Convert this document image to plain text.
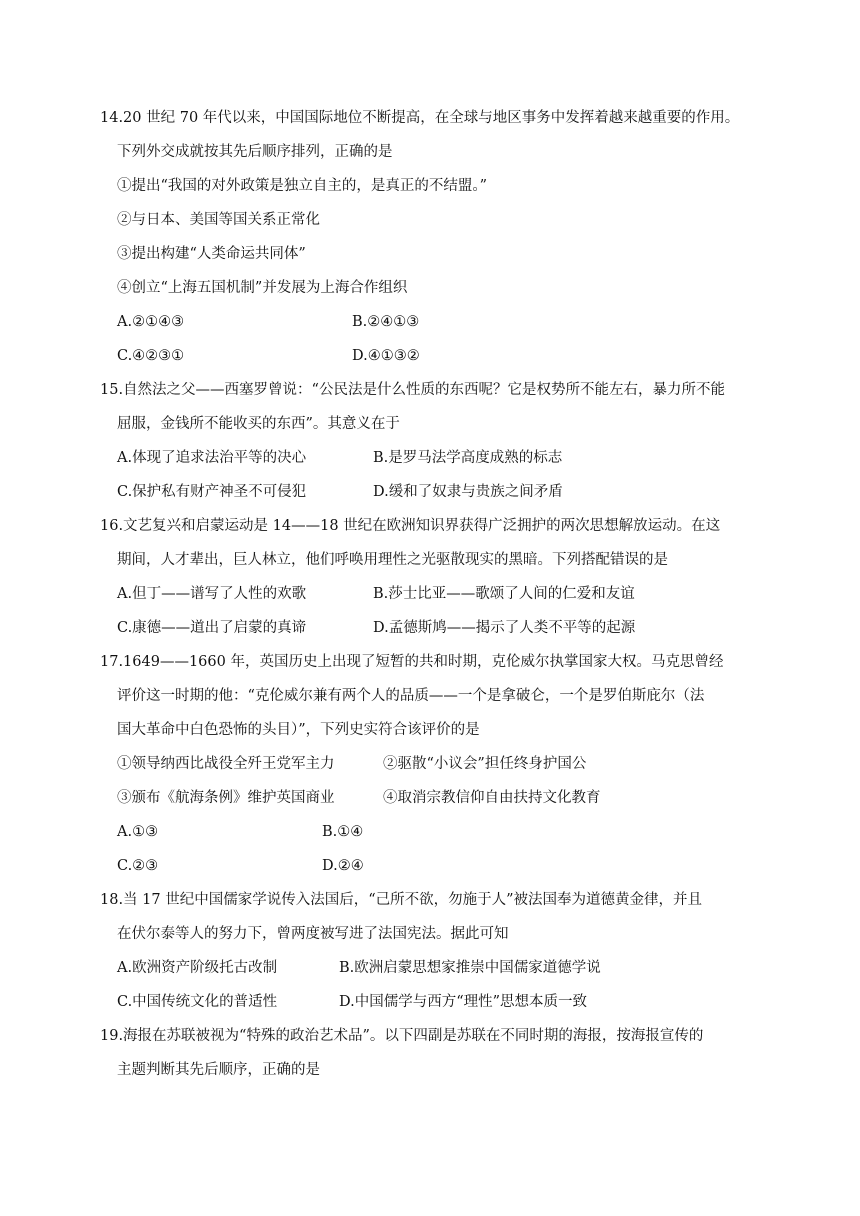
14.20 世纪 70 年代以来，中国国际地位不断提高，在全球与地区事务中发挥着越来越重要的作用。
下列外交成就按其先后顺序排列，正确的是
①提出“我国的对外政策是独立自主的，是真正的不结盟。”
②与日本、美国等国关系正常化
③提出构建“人类命运共同体”
④创立“上海五国机制”并发展为上海合作组织
A.②①④③	B.②④①③
C.④②③①	D.④①③②
15.自然法之父——西塞罗曾说：“公民法是什么性质的东西呢？它是权势所不能左右，暴力所不能
屈服，金钱所不能收买的东西”。其意义在于
A.体现了追求法治平等的决心	B.是罗马法学高度成熟的标志
C.保护私有财产神圣不可侵犯	D.缓和了奴隶与贵族之间矛盾
16.文艺复兴和启蒙运动是 14——18 世纪在欧洲知识界获得广泛拥护的两次思想解放运动。在这
期间，人才辈出，巨人林立，他们呼唤用理性之光驱散现实的黑暗。下列搭配错误的是
A.但丁——谱写了人性的欢歌	B.莎士比亚——歌颂了人间的仁爱和友谊
C.康德——道出了启蒙的真谛	D.孟德斯鸠——揭示了人类不平等的起源
17.1649——1660 年，英国历史上出现了短暂的共和时期，克伦威尔执掌国家大权。马克思曾经
评价这一时期的他：“克伦威尔兼有两个人的品质——一个是拿破仑，一个是罗伯斯庇尔（法
国大革命中白色恐怖的头目）”，下列史实符合该评价的是
①领导纳西比战役全歼王党军主力	②驱散“小议会”担任终身护国公
③颁布《航海条例》维护英国商业	④取消宗教信仰自由扶持文化教育
A.①③	B.①④
C.②③	D.②④
18.当 17 世纪中国儒家学说传入法国后，“己所不欲，勿施于人”被法国奉为道德黄金律，并且
在伏尔泰等人的努力下，曾两度被写进了法国宪法。据此可知
A.欧洲资产阶级托古改制	B.欧洲启蒙思想家推崇中国儒家道德学说
C.中国传统文化的普适性	D.中国儒学与西方“理性”思想本质一致
19.海报在苏联被视为“特殊的政治艺术品”。以下四副是苏联在不同时期的海报，按海报宣传的
主题判断其先后顺序，正确的是
